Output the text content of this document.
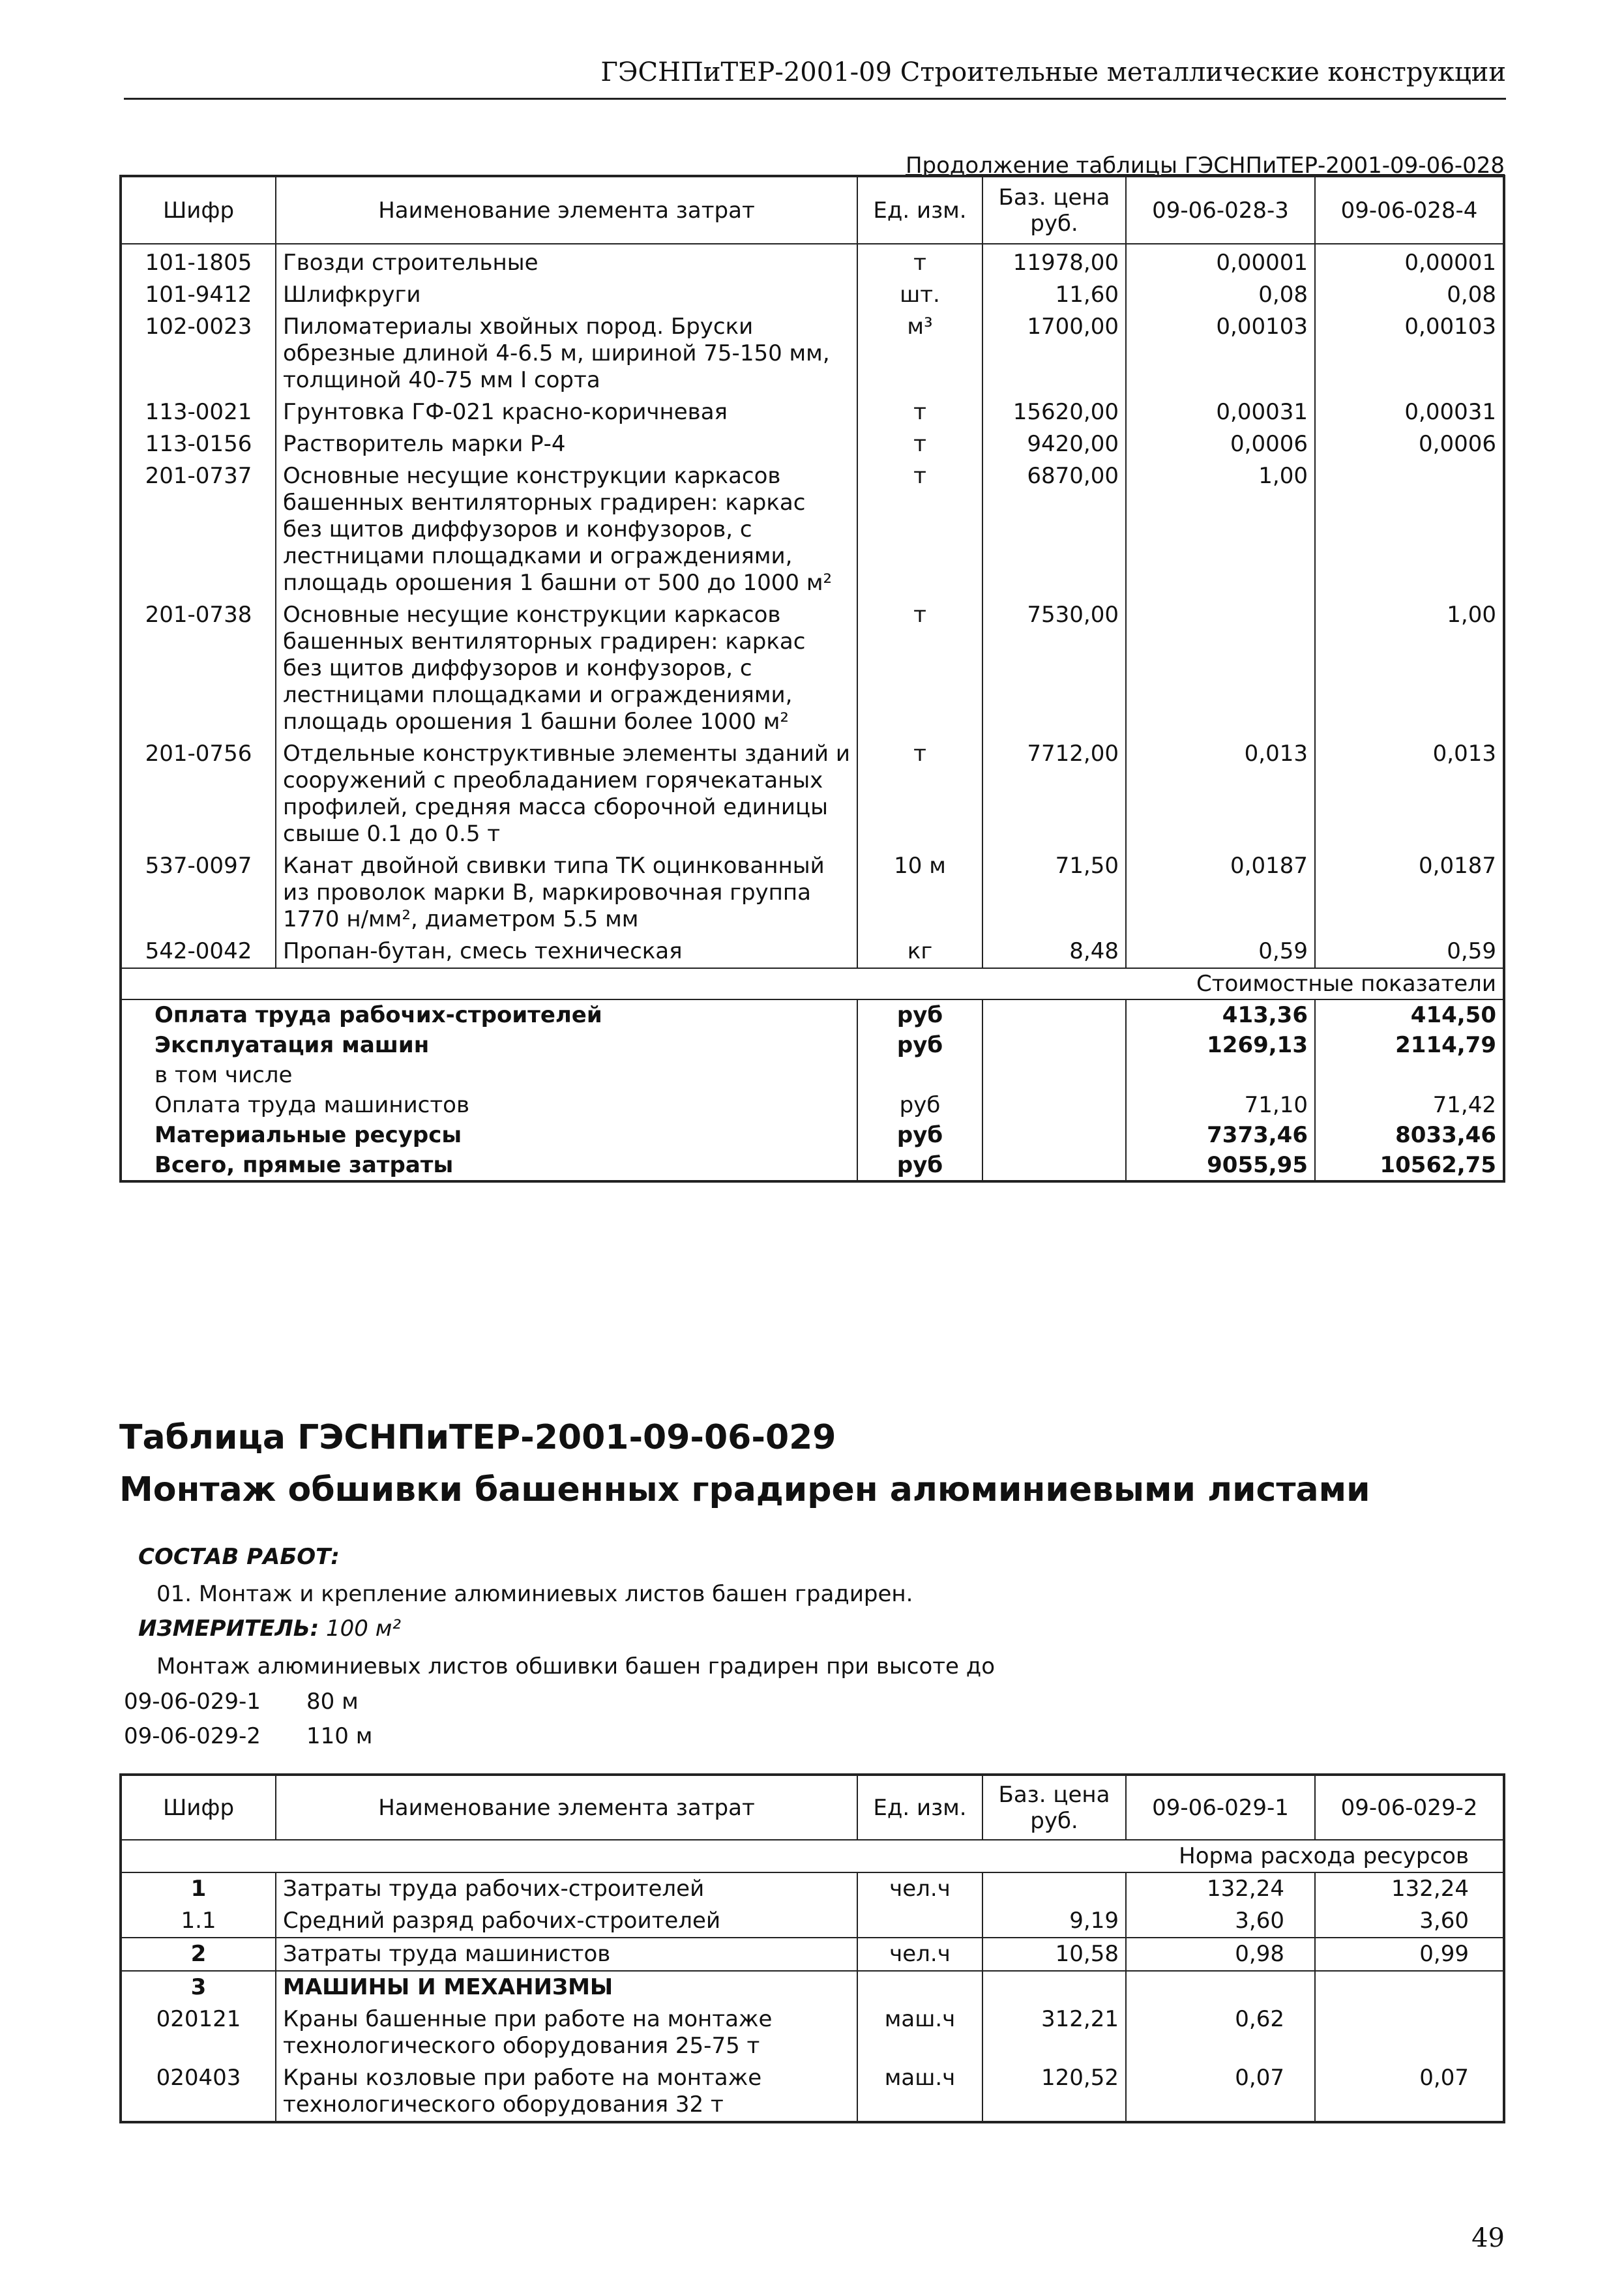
ГЭСНПиТЕР-2001-09 Строительные металлические конструкции
Продолжение таблицы ГЭСНПиТЕР-2001-09-06-028
Шифр	Наименование элемента затрат	Ед. изм.	Баз. цена руб.	09-06-028-3	09-06-028-4
101-1805	Гвозди строительные	т	11978,00	0,00001	0,00001
101-9412	Шлифкруги	шт.	11,60	0,08	0,08
102-0023	Пиломатериалы хвойных пород. Бруски обрезные длиной 4-6.5 м, шириной 75-150 мм, толщиной 40-75 мм I сорта	м³	1700,00	0,00103	0,00103
113-0021	Грунтовка ГФ-021 красно-коричневая	т	15620,00	0,00031	0,00031
113-0156	Растворитель марки Р-4	т	9420,00	0,0006	0,0006
201-0737	Основные несущие конструкции каркасов башенных вентиляторных градирен: каркас без щитов диффузоров и конфузоров, с лестницами площадками и ограждениями, площадь орошения 1 башни от 500 до 1000 м²	т	6870,00	1,00	
201-0738	Основные несущие конструкции каркасов башенных вентиляторных градирен: каркас без щитов диффузоров и конфузоров, с лестницами площадками и ограждениями, площадь орошения 1 башни более 1000 м²	т	7530,00		1,00
201-0756	Отдельные конструктивные элементы зданий и сооружений с преобладанием горячекатаных профилей, средняя масса сборочной единицы свыше 0.1 до 0.5 т	т	7712,00	0,013	0,013
537-0097	Канат двойной свивки типа ТК оцинкованный из проволок марки В, маркировочная группа 1770 н/мм², диаметром 5.5 мм	10 м	71,50	0,0187	0,0187
542-0042	Пропан-бутан, смесь техническая	кг	8,48	0,59	0,59
Стоимостные показатели					
Оплата труда рабочих-строителей		руб		413,36	414,50
Эксплуатация машин		руб		1269,13	2114,79
в том числе					
Оплата труда машинистов		руб		71,10	71,42
Материальные ресурсы		руб		7373,46	8033,46
Всего, прямые затраты		руб		9055,95	10562,75
Таблица ГЭСНПиТЕР-2001-09-06-029
Монтаж обшивки башенных градирен алюминиевыми листами
СОСТАВ РАБОТ:
01. Монтаж и крепление алюминиевых листов башен градирен.
ИЗМЕРИТЕЛЬ: 100 м²
Монтаж алюминиевых листов обшивки башен градирен при высоте до
09-06-029-1 80 м
09-06-029-2 110 м
Шифр	Наименование элемента затрат	Ед. изм.	Баз. цена руб.	09-06-029-1	09-06-029-2
Норма расхода ресурсов					
1	Затраты труда рабочих-строителей	чел.ч		132,24	132,24
1.1	Средний разряд рабочих-строителей		9,19	3,60	3,60
2	Затраты труда машинистов	чел.ч	10,58	0,98	0,99
3	МАШИНЫ И МЕХАНИЗМЫ				
020121	Краны башенные при работе на монтаже технологического оборудования 25-75 т	маш.ч	312,21	0,62	
020403	Краны козловые при работе на монтаже технологического оборудования 32 т	маш.ч	120,52	0,07	0,07
49
